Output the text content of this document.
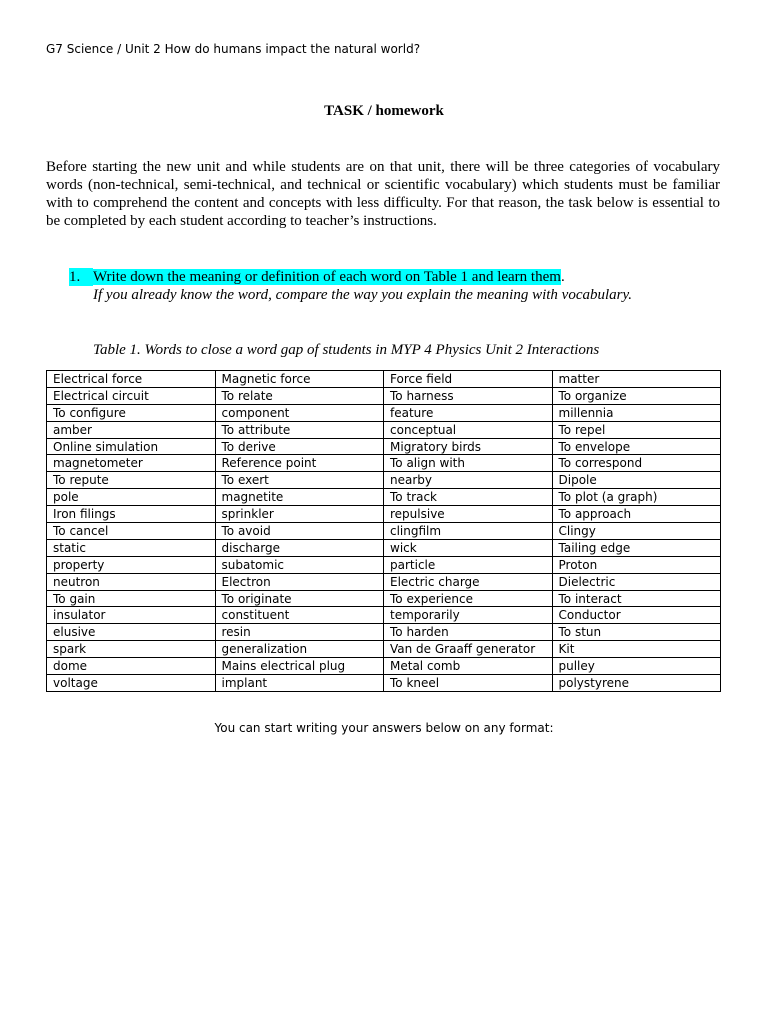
G7 Science / Unit 2 How do humans impact the natural world?
TASK / homework

Before starting the new unit and while students are on that unit, there will be three categories of vocabulary words (non-technical, semi-technical, and technical or scientific vocabulary) which students must be familiar with to comprehend the content and concepts with less difficulty. For that reason, the task below is essential to be completed by each student according to teacher’s instructions.

1. Write down the meaning or definition of each word on Table 1 and learn them.
If you already know the word, compare the way you explain the meaning with vocabulary.
Table 1. Words to close a word gap of students in MYP 4 Physics Unit 2 Interactions
Electrical force	Magnetic force	Force field	matter
Electrical circuit	To relate	To harness	To organize
To configure	component	feature	millennia
amber	To attribute	conceptual	To repel
Online simulation	To derive	Migratory birds	To envelope
magnetometer	Reference point	To align with	To correspond
To repute	To exert	nearby	Dipole
pole	magnetite	To track	To plot (a graph)
Iron filings	sprinkler	repulsive	To approach
To cancel	To avoid	clingfilm	Clingy
static	discharge	wick	Tailing edge
property	subatomic	particle	Proton
neutron	Electron	Electric charge	Dielectric
To gain	To originate	To experience	To interact
insulator	constituent	temporarily	Conductor
elusive	resin	To harden	To stun
spark	generalization	Van de Graaff generator	Kit
dome	Mains electrical plug	Metal comb	pulley
voltage	implant	To kneel	polystyrene
You can start writing your answers below on any format:
